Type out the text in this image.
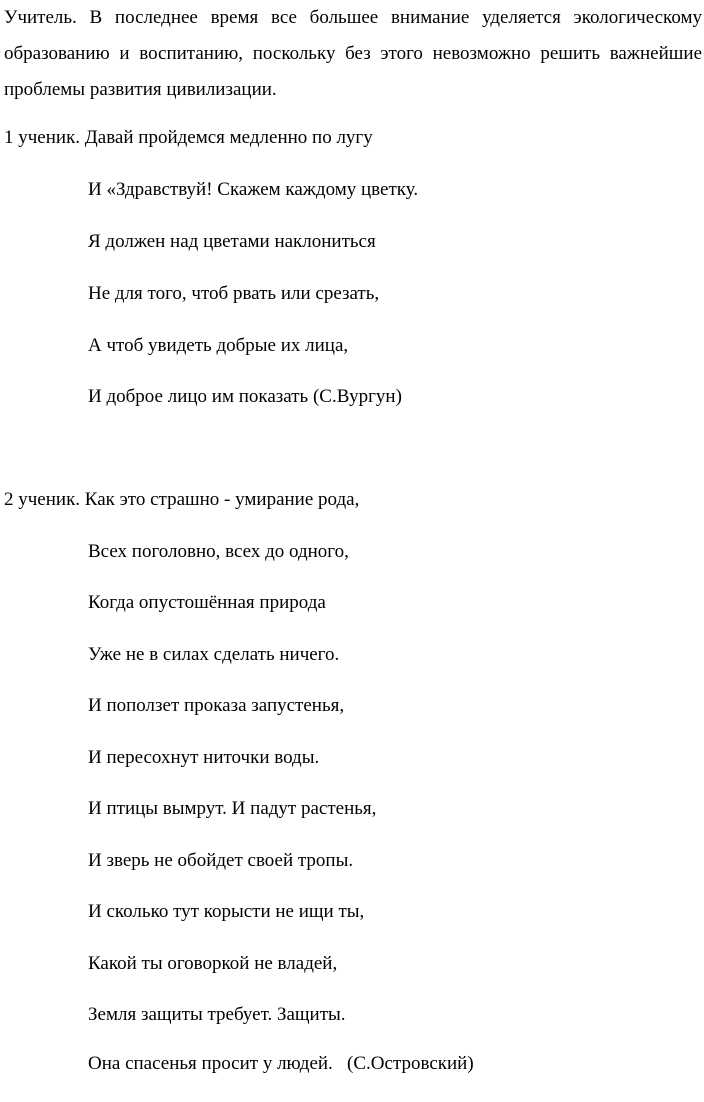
Учитель. В последнее время все большее внимание уделяется экологическому образованию и воспитанию, поскольку без этого невозможно решить важнейшие проблемы развития цивилизации.

1 ученик. Давай пройдемся медленно по лугу

И «Здравствуй! Скажем каждому цветку.

Я должен над цветами наклониться

Не для того, чтоб рвать или срезать,

А чтоб увидеть добрые их лица,

И доброе лицо им показать (С.Вургун)

2 ученик. Как это страшно - умирание рода,

Всех поголовно, всех до одного,

Когда опустошённая природа

Уже не в силах сделать ничего.

И поползет проказа запустенья,

И пересохнут ниточки воды.

И птицы вымрут. И падут растенья,

И зверь не обойдет своей тропы.

И сколько тут корысти не ищи ты,

Какой ты оговоркой не владей,

Земля защиты требует. Защиты.

Она спасенья просит у людей.   (С.Островский)
